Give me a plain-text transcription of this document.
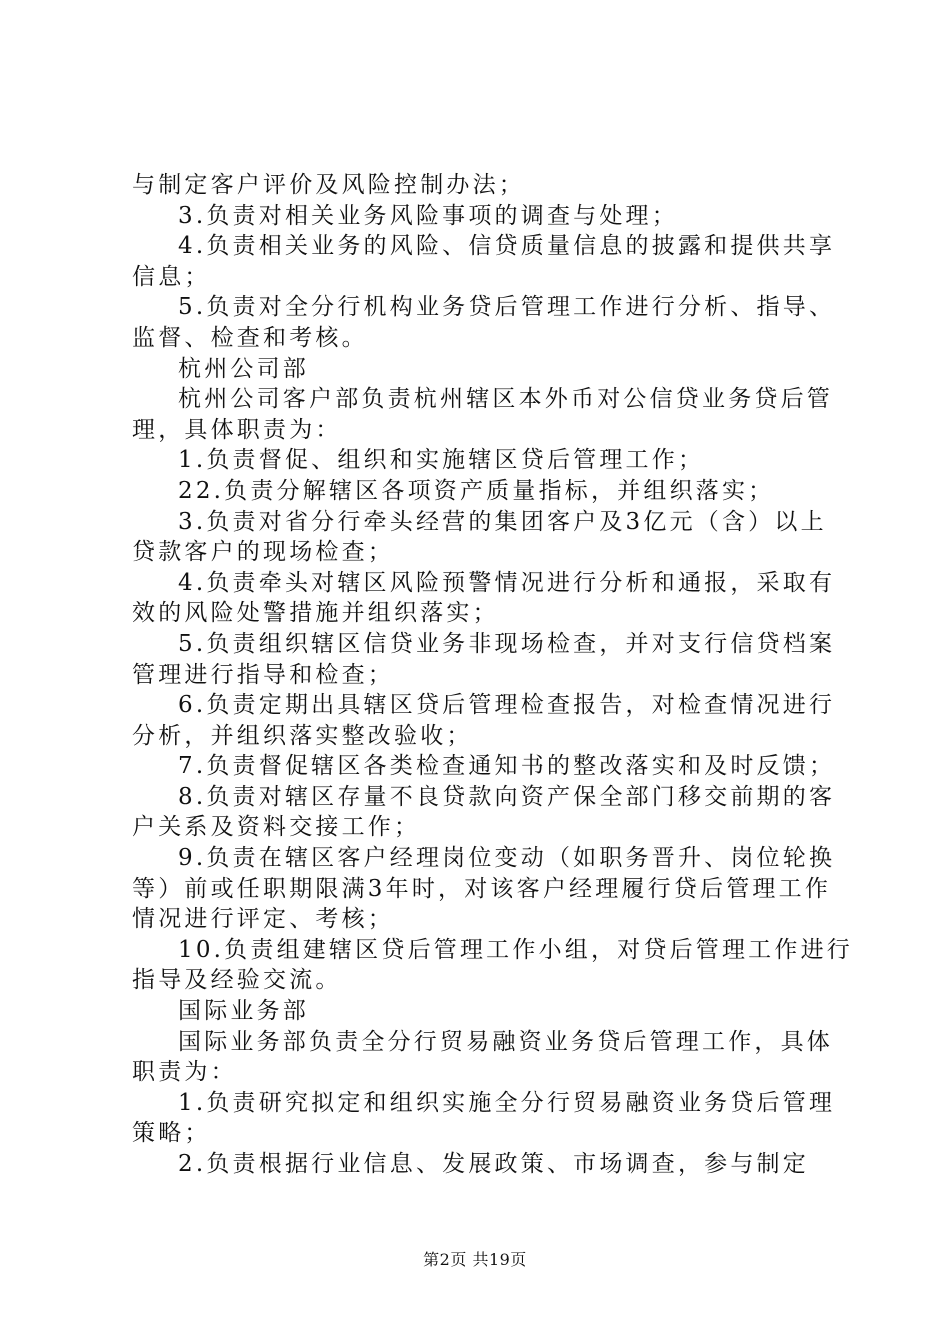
与制定客户评价及风险控制办法；
3.负责对相关业务风险事项的调查与处理；
4.负责相关业务的风险、信贷质量信息的披露和提供共享
信息；
5.负责对全分行机构业务贷后管理工作进行分析、指导、
监督、检查和考核。
杭州公司部
杭州公司客户部负责杭州辖区本外币对公信贷业务贷后管
理，具体职责为：
1.负责督促、组织和实施辖区贷后管理工作；
22.负责分解辖区各项资产质量指标，并组织落实；
3.负责对省分行牵头经营的集团客户及3亿元（含）以上
贷款客户的现场检查；
4.负责牵头对辖区风险预警情况进行分析和通报，采取有
效的风险处警措施并组织落实；
5.负责组织辖区信贷业务非现场检查，并对支行信贷档案
管理进行指导和检查；
6.负责定期出具辖区贷后管理检查报告，对检查情况进行
分析，并组织落实整改验收；
7.负责督促辖区各类检查通知书的整改落实和及时反馈；
8.负责对辖区存量不良贷款向资产保全部门移交前期的客
户关系及资料交接工作；
9.负责在辖区客户经理岗位变动（如职务晋升、岗位轮换
等）前或任职期限满3年时，对该客户经理履行贷后管理工作
情况进行评定、考核；
10.负责组建辖区贷后管理工作小组，对贷后管理工作进行
指导及经验交流。
国际业务部
国际业务部负责全分行贸易融资业务贷后管理工作，具体
职责为：
1.负责研究拟定和组织实施全分行贸易融资业务贷后管理
策略；
2.负责根据行业信息、发展政策、市场调查，参与制定
第2页 共19页
